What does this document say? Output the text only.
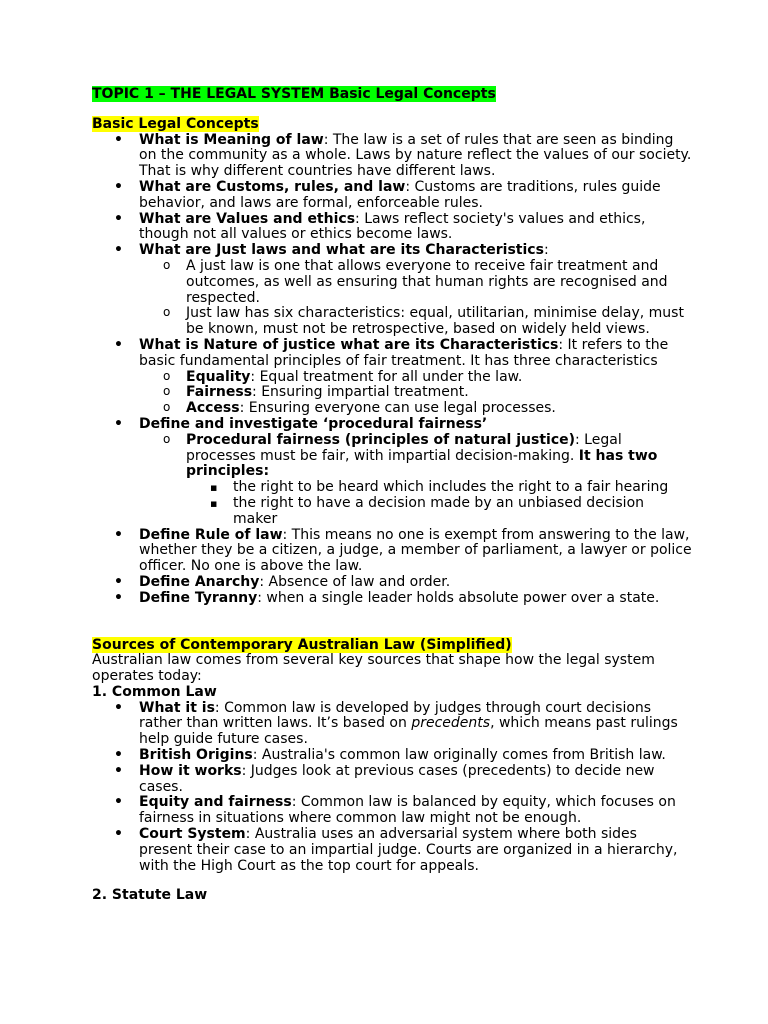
TOPIC 1 – THE LEGAL SYSTEM Basic Legal Concepts

Basic Legal Concepts

• What is Meaning of law: The law is a set of rules that are seen as binding on the community as a whole. Laws by nature reflect the values of our society. That is why different countries have different laws.
• What are Customs, rules, and law: Customs are traditions, rules guide behavior, and laws are formal, enforceable rules.
• What are Values and ethics: Laws reflect society's values and ethics, though not all values or ethics become laws.
• What are Just laws and what are its Characteristics:
o A just law is one that allows everyone to receive fair treatment and outcomes, as well as ensuring that human rights are recognised and respected.
o Just law has six characteristics: equal, utilitarian, minimise delay, must be known, must not be retrospective, based on widely held views.
• What is Nature of justice what are its Characteristics: It refers to the basic fundamental principles of fair treatment. It has three characteristics
o Equality: Equal treatment for all under the law.
o Fairness: Ensuring impartial treatment.
o Access: Ensuring everyone can use legal processes.
• Define and investigate ‘procedural fairness’
o Procedural fairness (principles of natural justice): Legal processes must be fair, with impartial decision-making. It has two principles:
▪ the right to be heard which includes the right to a fair hearing
▪ the right to have a decision made by an unbiased decision maker
• Define Rule of law: This means no one is exempt from answering to the law, whether they be a citizen, a judge, a member of parliament, a lawyer or police officer. No one is above the law.
• Define Anarchy: Absence of law and order.
• Define Tyranny: when a single leader holds absolute power over a state.

Sources of Contemporary Australian Law (Simplified)

Australian law comes from several key sources that shape how the legal system operates today:

1. Common Law

• What it is: Common law is developed by judges through court decisions rather than written laws. It’s based on precedents, which means past rulings help guide future cases.
• British Origins: Australia's common law originally comes from British law.
• How it works: Judges look at previous cases (precedents) to decide new cases.
• Equity and fairness: Common law is balanced by equity, which focuses on fairness in situations where common law might not be enough.
• Court System: Australia uses an adversarial system where both sides present their case to an impartial judge. Courts are organized in a hierarchy, with the High Court as the top court for appeals.

2. Statute Law
